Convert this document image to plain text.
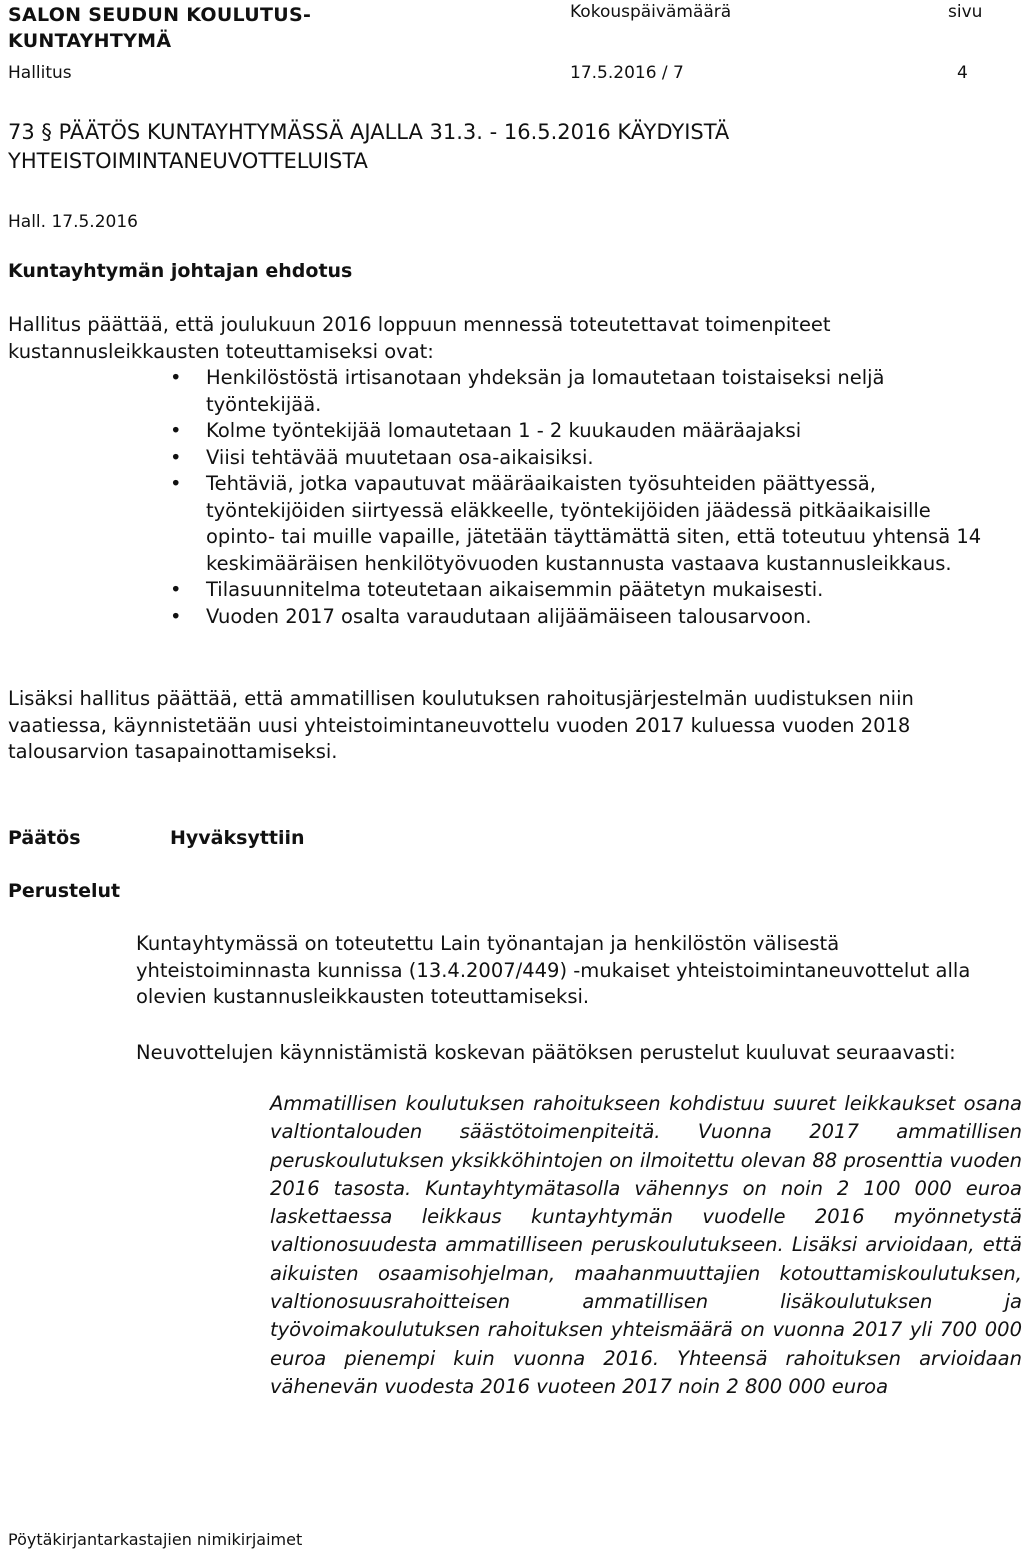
SALON SEUDUN KOULUTUS-
KUNTAYHTYMÄ
Kokouspäivämäärä	sivu
Hallitus	17.5.2016 / 7	4
73 § PÄÄTÖS KUNTAYHTYMÄSSÄ AJALLA 31.3. - 16.5.2016 KÄYDYISTÄ
YHTEISTOIMINTANEUVOTTELUISTA
Hall. 17.5.2016
Kuntayhtymän johtajan ehdotus
Hallitus päättää, että joulukuun 2016 loppuun mennessä toteutettavat toimenpiteet kustannusleikkausten toteuttamiseksi ovat:
• Henkilöstöstä irtisanotaan yhdeksän ja lomautetaan toistaiseksi neljä työntekijää.
• Kolme työntekijää lomautetaan 1 - 2 kuukauden määräajaksi
• Viisi tehtävää muutetaan osa-aikaisiksi.
• Tehtäviä, jotka vapautuvat määräaikaisten työsuhteiden päättyessä, työntekijöiden siirtyessä eläkkeelle, työntekijöiden jäädessä pitkäaikaisille opinto- tai muille vapaille, jätetään täyttämättä siten, että toteutuu yhtensä 14 keskimääräisen henkilötyövuoden kustannusta vastaava kustannusleikkaus.
• Tilasuunnitelma toteutetaan aikaisemmin päätetyn mukaisesti.
• Vuoden 2017 osalta varaudutaan alijäämäiseen talousarvoon.
Lisäksi hallitus päättää, että ammatillisen koulutuksen rahoitusjärjestelmän uudistuksen niin vaatiessa, käynnistetään uusi yhteistoimintaneuvottelu vuoden 2017 kuluessa vuoden 2018 talousarvion tasapainottamiseksi.
Päätös	Hyväksyttiin
Perustelut
Kuntayhtymässä on toteutettu Lain työnantajan ja henkilöstön välisestä yhteistoiminnasta kunnissa (13.4.2007/449) -mukaiset yhteistoimintaneuvottelut alla olevien kustannusleikkausten toteuttamiseksi.
Neuvottelujen käynnistämistä koskevan päätöksen perustelut kuuluvat seuraavasti:
Ammatillisen koulutuksen rahoitukseen kohdistuu suuret leikkaukset osana valtiontalouden säästötoimenpiteitä. Vuonna 2017 ammatillisen peruskoulutuksen yksikköhintojen on ilmoitettu olevan 88 prosenttia vuoden 2016 tasosta. Kuntayhtymätasolla vähennys on noin 2 100 000 euroa laskettaessa leikkaus kuntayhtymän vuodelle 2016 myönnetystä valtionosuudesta ammatilliseen peruskoulutukseen. Lisäksi arvioidaan, että aikuisten osaamisohjelman, maahanmuuttajien kotouttamiskoulutuksen, valtionosuusrahoitteisen ammatillisen lisäkoulutuksen ja työvoimakoulutuksen rahoituksen yhteismäärä on vuonna 2017 yli 700 000 euroa pienempi kuin vuonna 2016. Yhteensä rahoituksen arvioidaan vähenevän vuodesta 2016 vuoteen 2017 noin 2 800 000 euroa
Pöytäkirjantarkastajien nimikirjaimet
